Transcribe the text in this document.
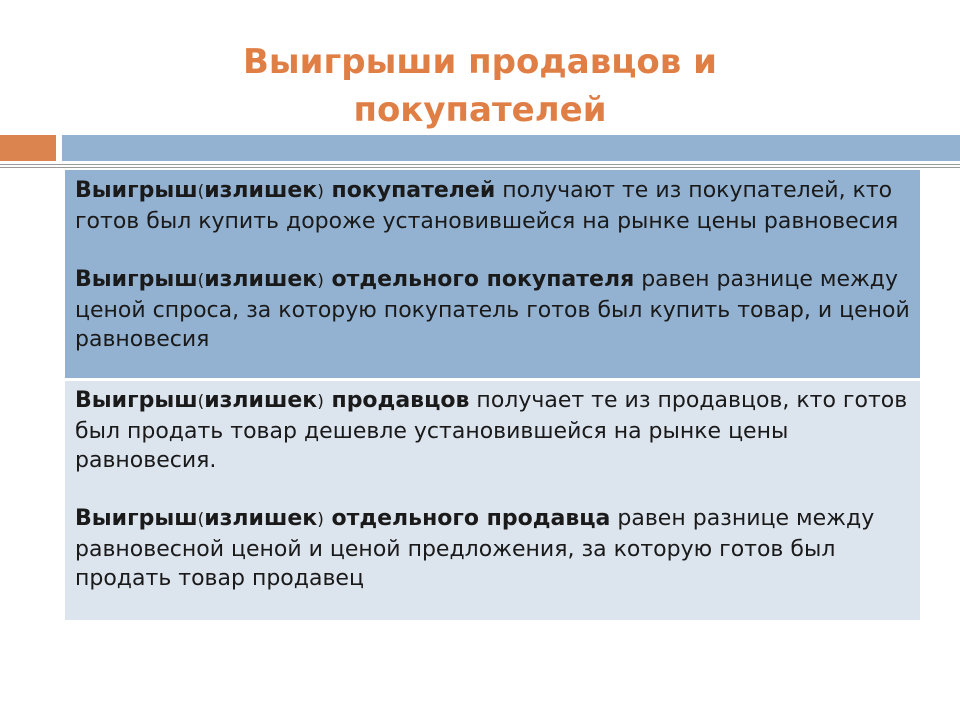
Выигрыши продавцов и
покупателей

Выигрыш(излишек) покупателей получают те из покупателей, кто готов был купить дороже установившейся на рынке цены равновесия

Выигрыш(излишек) отдельного покупателя равен разнице между ценой спроса, за которую покупатель готов был купить товар, и ценой равновесия

Выигрыш(излишек) продавцов получает те из продавцов, кто готов был продать товар дешевле установившейся на рынке цены равновесия.

Выигрыш(излишек) отдельного продавца равен разнице между равновесной ценой и ценой предложения, за которую готов был продать товар продавец
